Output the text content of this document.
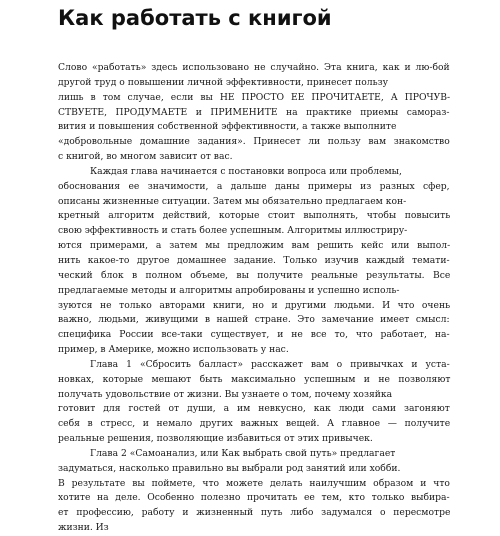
Как работать с книгой
Слово «работать» здесь использовано не случайно. Эта книга, как и лю-бой
другой труд о повышении личной эффективности, принесет пользу
лишь в том случае, если вы НЕ ПРОСТО ЕЕ ПРОЧИТАЕТЕ, А ПРОЧУВ-
СТВУЕТЕ, ПРОДУМАЕТЕ и ПРИМЕНИТЕ на практике приемы самораз-
вития и повышения собственной эффективности, а также выполните
«добровольные домашние задания». Принесет ли пользу вам знакомство
с книгой, во многом зависит от вас.
Каждая глава начинается с постановки вопроса или проблемы,
обоснования ее значимости, а дальше даны примеры из разных сфер,
описаны жизненные ситуации. Затем мы обязательно предлагаем кон-
кретный алгоритм действий, которые стоит выполнять, чтобы повысить
свою эффективность и стать более успешным. Алгоритмы иллюстриру-
ются примерами, а затем мы предложим вам решить кейс или выпол-
нить какое-то другое домашнее задание. Только изучив каждый темати-
ческий блок в полном объеме, вы получите реальные результаты. Все
предлагаемые методы и алгоритмы апробированы и успешно исполь-
зуются не только авторами книги, но и другими людьми. И что очень
важно, людьми, живущими в нашей стране. Это замечание имеет смысл:
специфика России все-таки существует, и не все то, что работает, на-
пример, в Америке, можно использовать у нас.
Глава 1 «Сбросить балласт» расскажет вам о привычках и уста-
новках, которые мешают быть максимально успешным и не позволяют
получать удовольствие от жизни. Вы узнаете о том, почему хозяйка
готовит для гостей от души, а им невкусно, как люди сами загоняют
себя в стресс, и немало других важных вещей. А главное — получите
реальные решения, позволяющие избавиться от этих привычек.
Глава 2 «Самоанализ, или Как выбрать свой путь» предлагает
задуматься, насколько правильно вы выбрали род занятий или хобби.
В результате вы поймете, что можете делать наилучшим образом и что
хотите на деле. Особенно полезно прочитать ее тем, кто только выбира-
ет профессию, работу и жизненный путь либо задумался о пересмотре
жизни. Из
